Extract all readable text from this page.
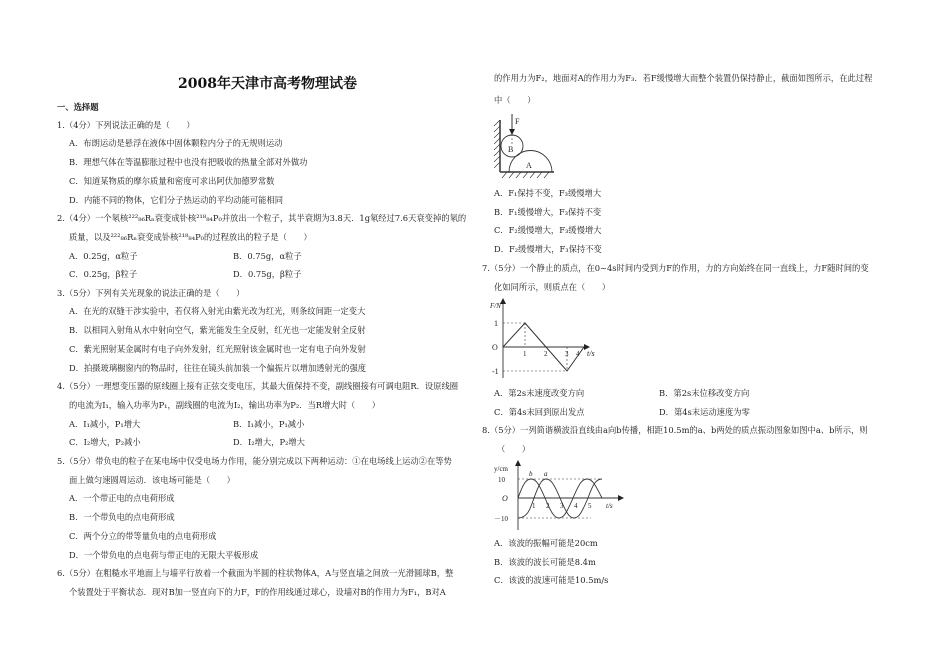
2008年天津市高考物理试卷
一、选择题
1.（4分）下列说法正确的是（　　）
A．布朗运动是悬浮在液体中固体颗粒内分子的无规则运动
B．理想气体在等温膨胀过程中也没有把吸收的热量全部对外做功
C．知道某物质的摩尔质量和密度可求出阿伏加德罗常数
D．内能不同的物体，它们分子热运动的平均动能可能相同
2.（4分）一个氡核²²²₈₆Rₙ衰变成钋核²¹⁸₈₄P₀并放出一个粒子，其半衰期为3.8天．1g氡经过7.6天衰变掉的氡的
质量，以及²²²₈₆Rₙ衰变成钋核²¹⁸₈₄P₀的过程放出的粒子是（　　）
A．0.25g，α粒子	B．0.75g，α粒子
C．0.25g，β粒子	D．0.75g，β粒子
3.（5分）下列有关光现象的说法正确的是（　　）
A．在光的双缝干涉实验中，若仅将入射光由紫光改为红光，则条纹间距一定变大
B．以相同入射角从水中射向空气，紫光能发生全反射，红光也一定能发射全反射
C．紫光照射某金属时有电子向外发射，红光照射该金属时也一定有电子向外发射
D．拍摄玻璃橱窗内的物品时，往往在镜头前加装一个偏振片以增加透射光的强度
4.（5分）一理想变压器的原线圈上接有正弦交变电压，其最大值保持不变，副线圈接有可调电阻R．设原线圈
的电流为I₁，输入功率为P₁，副线圈的电流为I₂，输出功率为P₂．当R增大时（　　）
A．I₁减小，P₁增大	B．I₁减小，P₁减小
C．I₂增大，P₂减小	D．I₂增大，P₂增大
5.（5分）带负电的粒子在某电场中仅受电场力作用，能分别完成以下两种运动：①在电场线上运动②在等势
面上做匀速圆周运动．该电场可能是（　　）
A．一个带正电的点电荷形成
B．一个带负电的点电荷形成
C．两个分立的带等量负电的点电荷形成
D．一个带负电的点电荷与带正电的无限大平板形成
6.（5分）在粗糙水平地面上与墙平行放着一个截面为半圆的柱状物体A，A与竖直墙之间放一光滑圆球B，整
个装置处于平衡状态．现对B加一竖直向下的力F，F的作用线通过球心，设墙对B的作用力为F₁，B对A
的作用力为F₂，地面对A的作用力为F₃．若F缓慢增大而整个装置仍保持静止，截面如图所示，在此过程
中（　　）
F
B
A
A．F₁保持不变，F₃缓慢增大
B．F₁缓慢增大，F₃保持不变
C．F₂缓慢增大，F₃缓慢增大
D．F₂缓慢增大，F₃保持不变
7.（5分）一个静止的质点，在0~4s时间内受到力F的作用，力的方向始终在同一直线上，力F随时间的变
化如同所示，则质点在（　　）
F/N
1
O
-1
1	2	3 4 t/s
A．第2s末速度改变方向	B．第2s末位移改变方向
C．第4s末回到原出发点	D．第4s末运动速度为零
8.（5分）一列简谐横波沿直线由a向b传播，相距10.5m的a、b两处的质点振动图象如图中a、b所示，则
（　　）
y/cm
10
O
－10
b a
1 2 3 4 5 t/s
A．该波的振幅可能是20cm
B．该波的波长可能是8.4m
C．该波的波速可能是10.5m/s
